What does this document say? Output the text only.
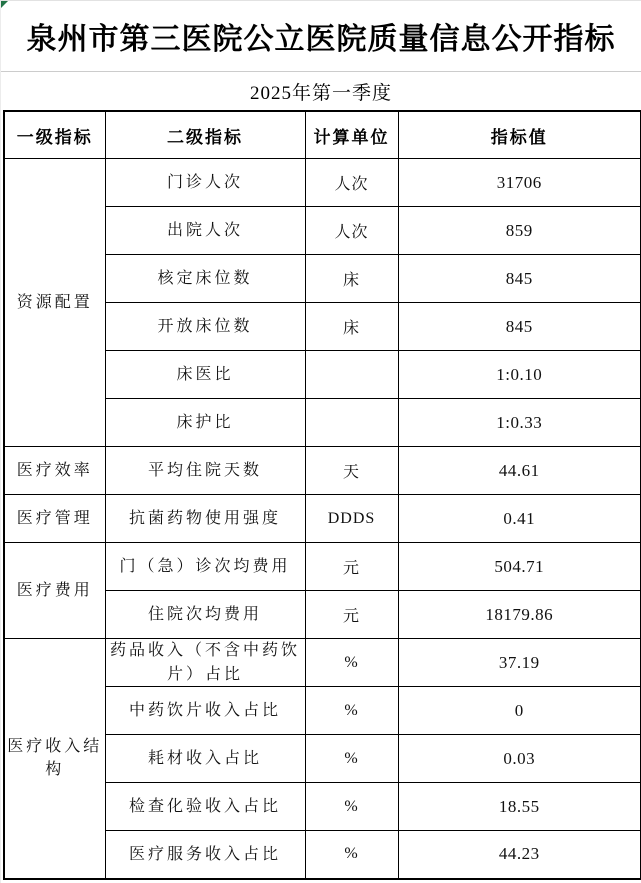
泉州市第三医院公立医院质量信息公开指标
2025年第一季度
一级指标	二级指标	计算单位	指标值
资源配置	门诊人次	人次	31706
	出院人次	人次	859
	核定床位数	床	845
	开放床位数	床	845
	床医比		1:0.10
	床护比		1:0.33
医疗效率	平均住院天数	天	44.61
医疗管理	抗菌药物使用强度	DDDS	0.41
医疗费用	门（急）诊次均费用	元	504.71
	住院次均费用	元	18179.86
医疗收入结构	药品收入（不含中药饮片）占比	%	37.19
	中药饮片收入占比	%	0
	耗材收入占比	%	0.03
	检查化验收入占比	%	18.55
	医疗服务收入占比	%	44.23
